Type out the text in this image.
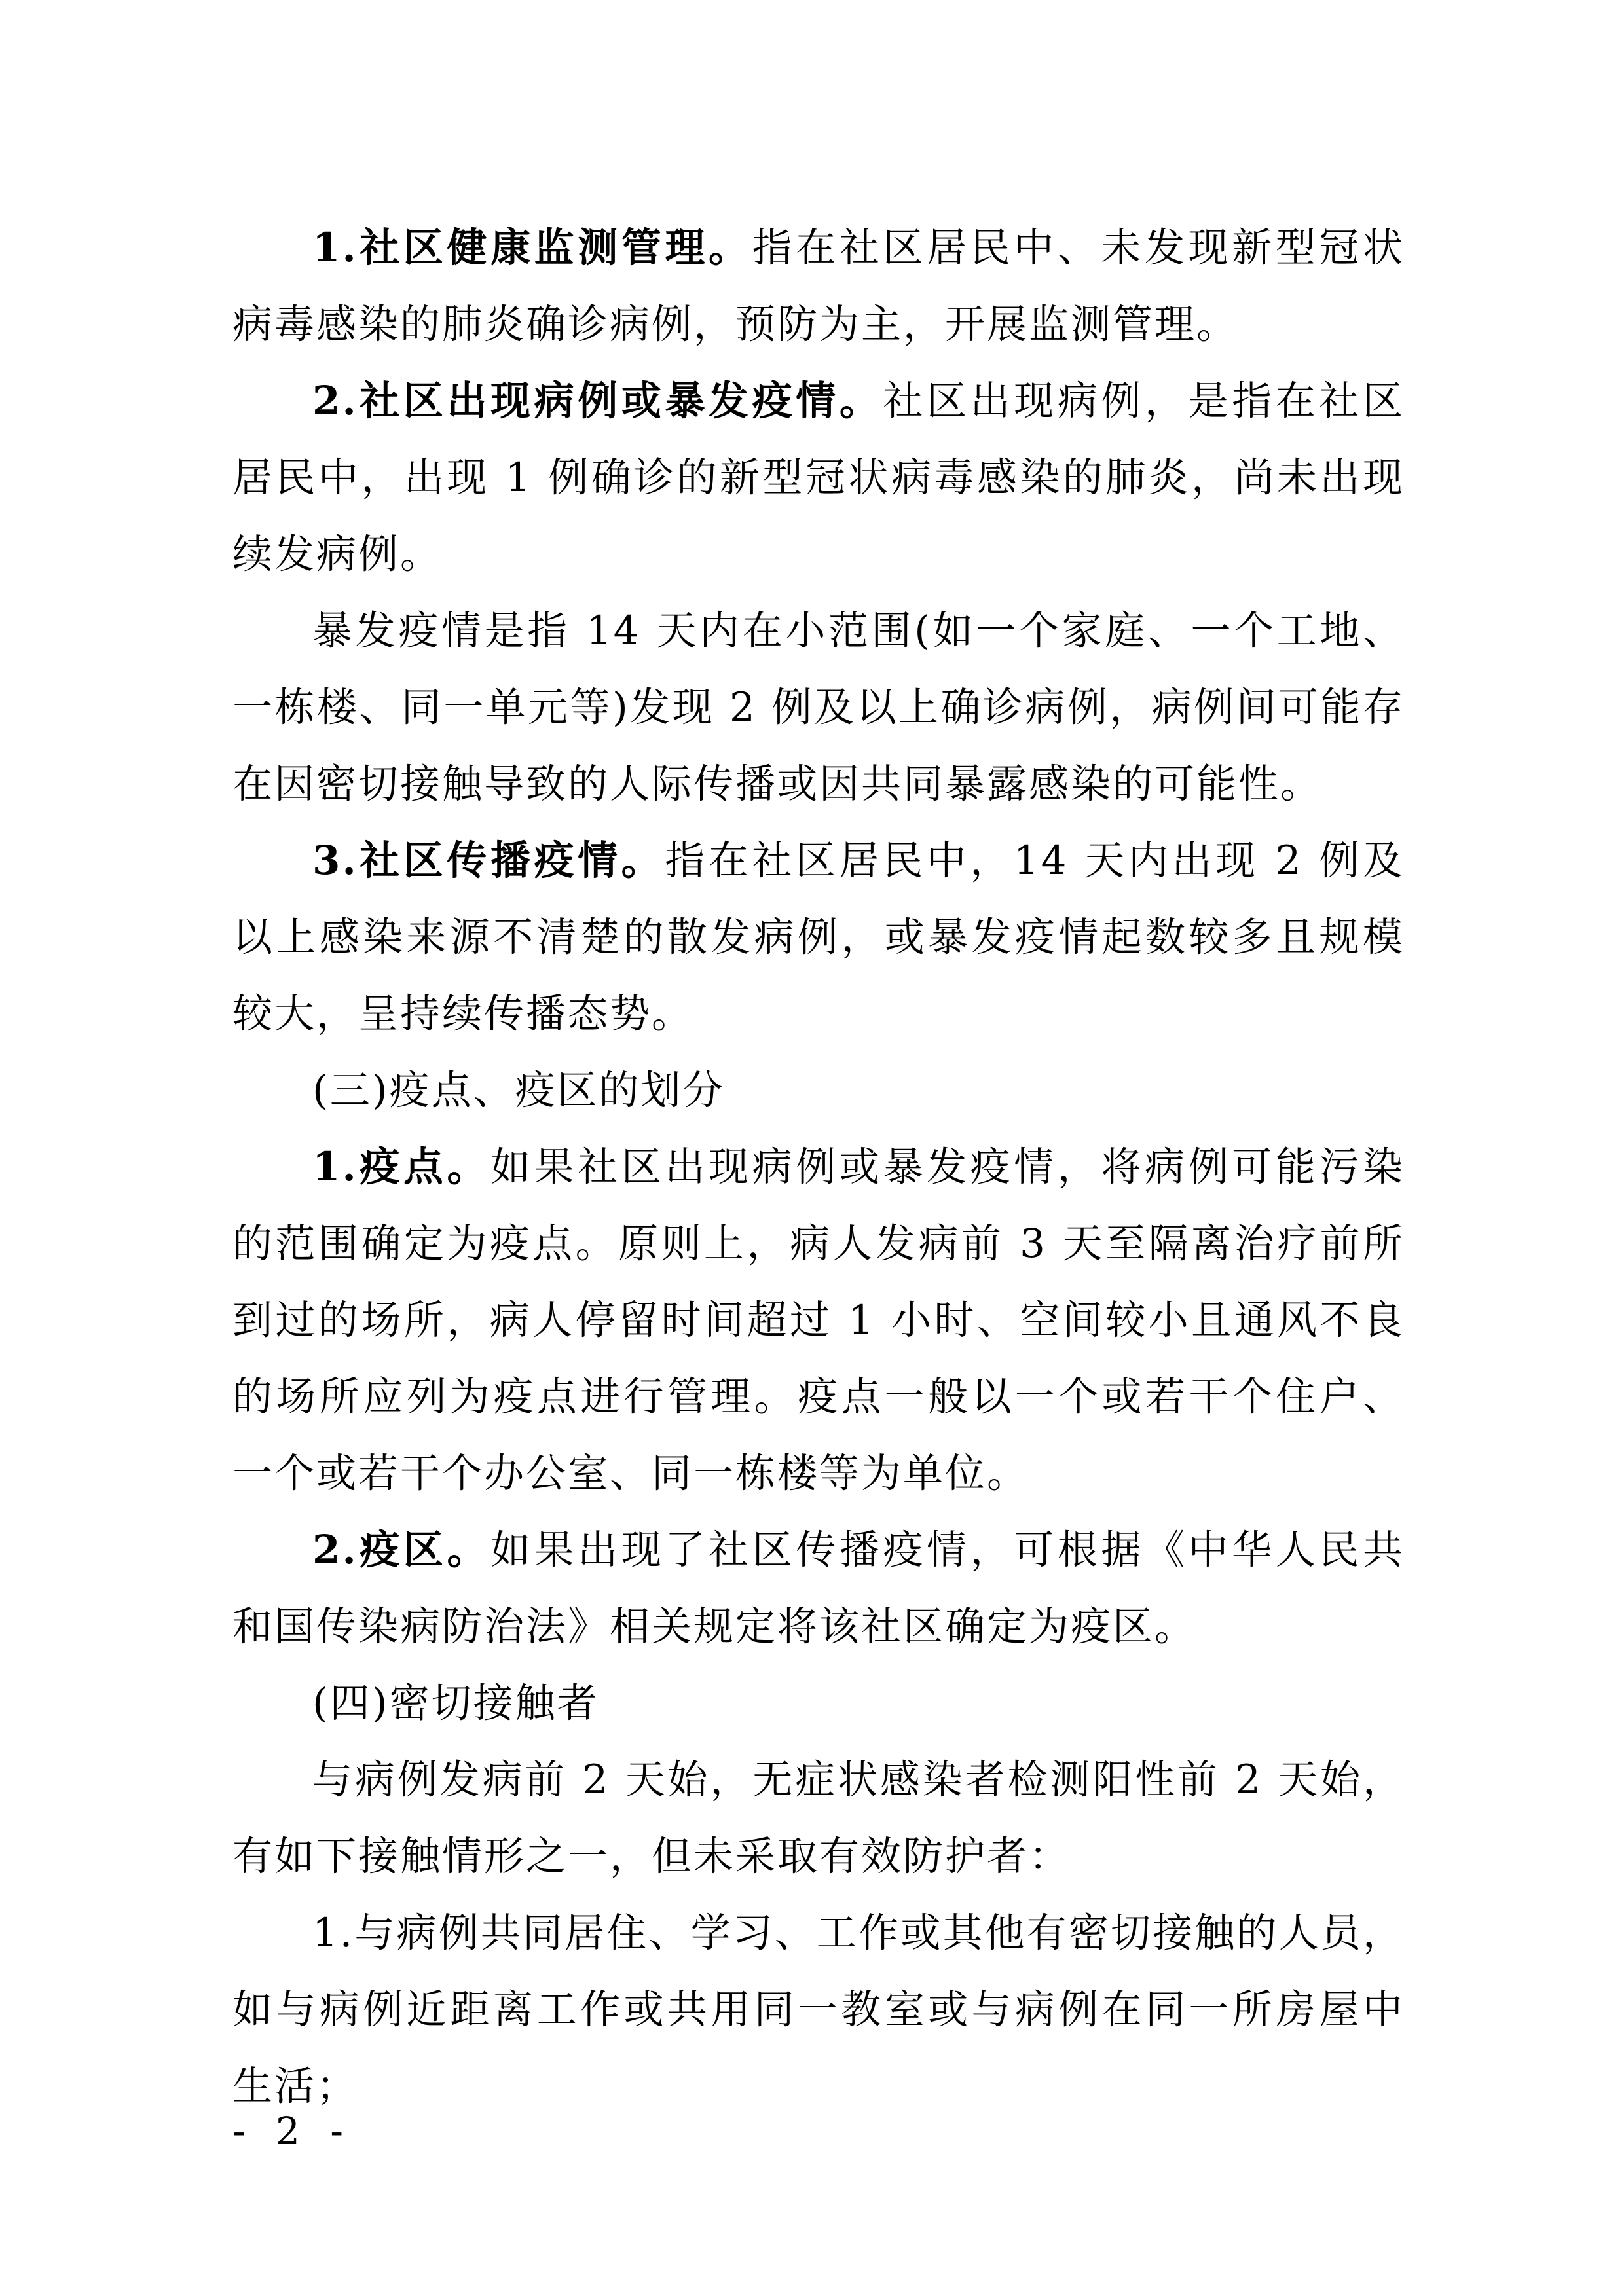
1.社区健康监测管理。指在社区居民中、未发现新型冠状病毒感染的肺炎确诊病例，预防为主，开展监测管理。

2.社区出现病例或暴发疫情。社区出现病例，是指在社区居民中，出现 1 例确诊的新型冠状病毒感染的肺炎，尚未出现续发病例。

暴发疫情是指 14 天内在小范围(如一个家庭、一个工地、一栋楼、同一单元等)发现 2 例及以上确诊病例，病例间可能存在因密切接触导致的人际传播或因共同暴露感染的可能性。

3.社区传播疫情。指在社区居民中，14 天内出现 2 例及以上感染来源不清楚的散发病例，或暴发疫情起数较多且规模较大，呈持续传播态势。

(三)疫点、疫区的划分

1.疫点。如果社区出现病例或暴发疫情，将病例可能污染的范围确定为疫点。原则上，病人发病前 3 天至隔离治疗前所到过的场所，病人停留时间超过 1 小时、空间较小且通风不良的场所应列为疫点进行管理。疫点一般以一个或若干个住户、一个或若干个办公室、同一栋楼等为单位。

2.疫区。如果出现了社区传播疫情，可根据《中华人民共和国传染病防治法》相关规定将该社区确定为疫区。

(四)密切接触者

与病例发病前 2 天始，无症状感染者检测阳性前 2 天始，有如下接触情形之一，但未采取有效防护者：

1.与病例共同居住、学习、工作或其他有密切接触的人员，如与病例近距离工作或共用同一教室或与病例在同一所房屋中生活；

- 2 -
